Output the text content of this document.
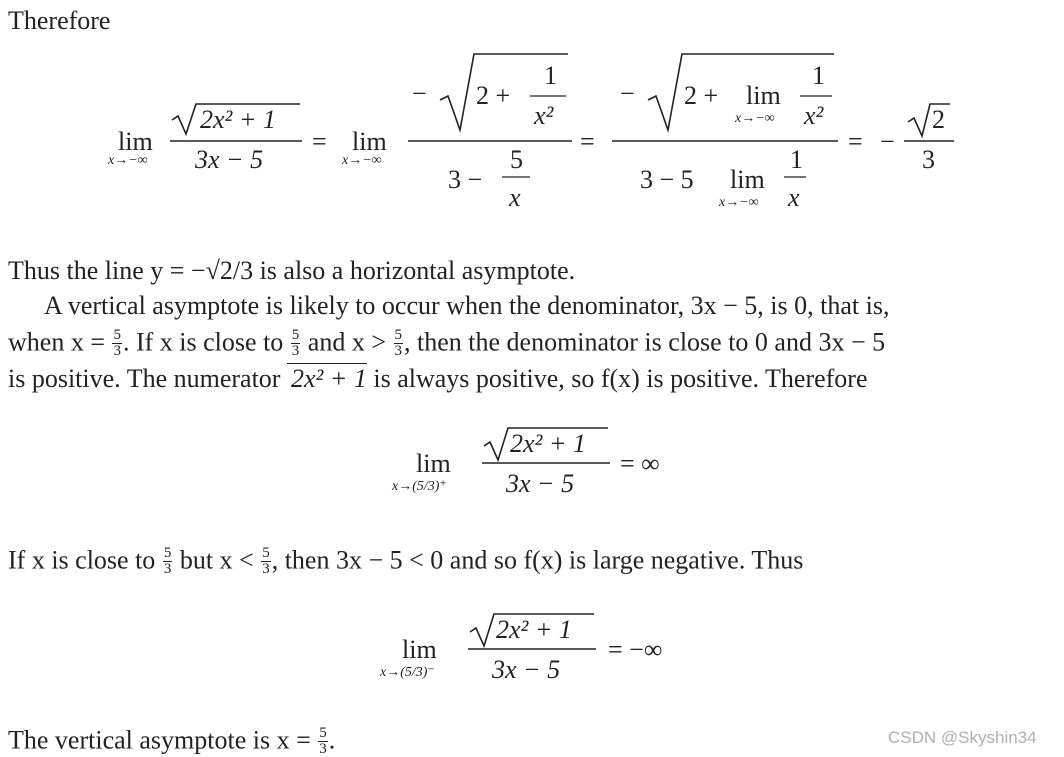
Therefore
lim
x→−∞
2x² + 1
3x − 5
= lim
x→−∞
− 2 +
1
x²
3 −
5
x
=
− 2 + lim
x→−∞
1
x²
3 − 5 lim
x→−∞
1
x
= −
2
3
Thus the line y = −√2/3 is also a horizontal asymptote.
A vertical asymptote is likely to occur when the denominator, 3x − 5, is 0, that is,
when $x = \frac{5}{3}$ . If x is close to $\frac{5}{3}$ and $x > \frac{5}{3}$ , then the denominator is close to 0 and 3x − 5
is positive. The numerator 2x² + 1 is always positive, so f(x) is positive. Therefore
lim
x→(5/3)⁺
2x² + 1
3x − 5
= ∞
If x is close to $\frac{5}{3}$ but $x < \frac{5}{3}$ , then 3x − 5 < 0 and so f(x) is large negative. Thus
lim
x→(5/3)⁻
2x² + 1
3x − 5
= −∞
The vertical asymptote is $x = \frac{5}{3}$ .	CSDN @Skyshin34
